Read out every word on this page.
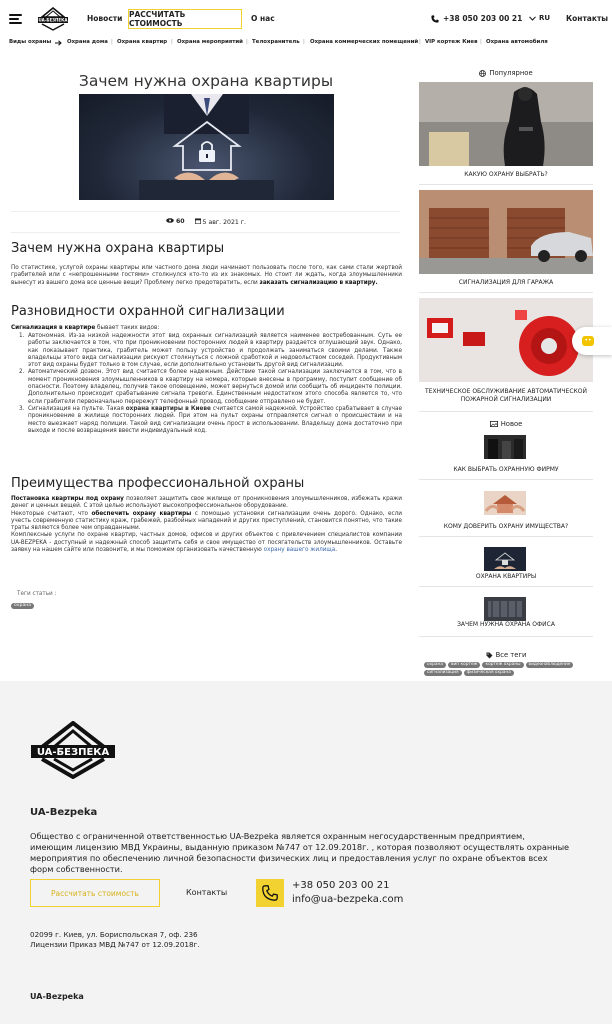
UA-БЕЗПЕКА	Новости РАССЧИТАТЬ СТОИМОСТЬ
О нас	+38 050 203 00 21 RU Контакты
Виды охраны	Охрана дома | Охрана квартир | Охрана мероприятий | Телохранитель | Охрана коммерческих помещений | VIP кортеж Киев | Охрана автомобиля
Зачем нужна охрана квартиры
60	5 авг. 2021 г.
Зачем нужна охрана квартиры
По статистике, услугой охраны квартиры или частного дома люди начинают пользовать после того, как сами стали жертвой грабителей или с «непрошенными гостями» столкнулся кто-то из их знакомых. Но стоит ли ждать, когда злоумышленники вынесут из вашего дома все ценные вещи? Проблему легко предотвратить, если заказать сигнализацию в квартиру.
Разновидности охранной сигнализации
Сигнализация в квартире бывает таких видов:
1. Автономная. Из-за низкой надежности этот вид охранных сигнализаций является наименее востребованным. Суть ее работы заключается в том, что при проникновении посторонних людей в квартиру раздается оглушающий звук. Однако, как показывает практика, грабитель может пользу устройство и продолжать заниматься своими делами. Также владельцы этого вида сигнализации рискуют столкнуться с ложной сработкой и недовольством соседей. Продуктивным этот вид охраны будет только в том случае, если дополнительно установить другой вид сигнализации.
2. Автоматический дозвон. Этот вид считается более надежным. Действие такой сигнализации заключается в том, что в момент проникновения злоумышленников в квартиру на номера, которые внесены в программу, поступит сообщение об опасности. Поэтому владелец, получив такое оповещение, может вернуться домой или сообщить об инциденте полиции. Дополнительно происходит срабатывание сигнала тревоги. Единственным недостатком этого способа является то, что если грабители первоначально перережут телефонный провод, сообщение отправлено не будет.
3. Сигнализация на пульте. Такая охрана квартиры в Киеве считается самой надежной. Устройство срабатывает в случае проникновение в жилище посторонних людей. При этом на пульт охраны отправляется сигнал о происшествии и на место выезжает наряд полиции. Такой вид сигнализации очень прост в использовании. Владельцу дома достаточно при выходе и после возвращения ввести индивидуальный код.
Преимущества профессиональной охраны
Постановка квартиры под охрану позволяет защитить свое жилище от проникновения злоумышленников, избежать кражи денег и ценных вещей. С этой целью используют высокопрофессиональное оборудование.
Некоторые считают, что обеспечить охрану квартиры с помощью установки сигнализации очень дорого. Однако, если учесть современную статистику краж, грабежей, разбойных нападений и других преступлений, становится понятно, что такие траты являются более чем оправданными.
Комплексные услуги по охране квартир, частных домов, офисов и других объектов с привлечением специалистов компании UA-BEZPEKA - доступный и надежный способ защитить себя и свое имущество от посягательств злоумышленников. Оставьте заявку на нашем сайте или позвоните, и мы поможем организовать качественную охрану вашего жилища.
Теги статьи :
охрана
Популярное
КАКУЮ ОХРАНУ ВЫБРАТЬ?
СИГНАЛИЗАЦИЯ ДЛЯ ГАРАЖА
ТЕХНИЧЕСКОЕ ОБСЛУЖИВАНИЕ АВТОМАТИЧЕСКОЙ ПОЖАРНОЙ СИГНАЛИЗАЦИИ
••
Новое
КАК ВЫБРАТЬ ОХРАННУЮ ФИРМУ
КОМУ ДОВЕРИТЬ ОХРАНУ ИМУЩЕСТВА?
ОХРАНА КВАРТИРЫ
ЗАЧЕМ НУЖНА ОХРАНА ОФИСА
Все теги
охрана	вип кортеж	кортеж охраны	видеонаблюдение
сигнализация	физическая охрана
UA-БЕЗПЕКА
UA-Bezpeka
Общество с ограниченной ответственностью UA-Bezpeka является охранным негосударственным предприятием, имеющим лицензию МВД Украины, выданную приказом №747 от 12.09.2018г. , которая позволяют осуществлять охранные мероприятия по обеспечению личной безопасности физических лиц и предоставления услуг по охране объектов всех форм собственности.
Рассчитать стоимость	Контакты
+38 050 203 00 21
info@ua-bezpeka.com
02099 г. Киев, ул. Бориспольская 7, оф. 236
Лицензии Приказ МВД №747 от 12.09.2018г.
UA-Bezpeka
